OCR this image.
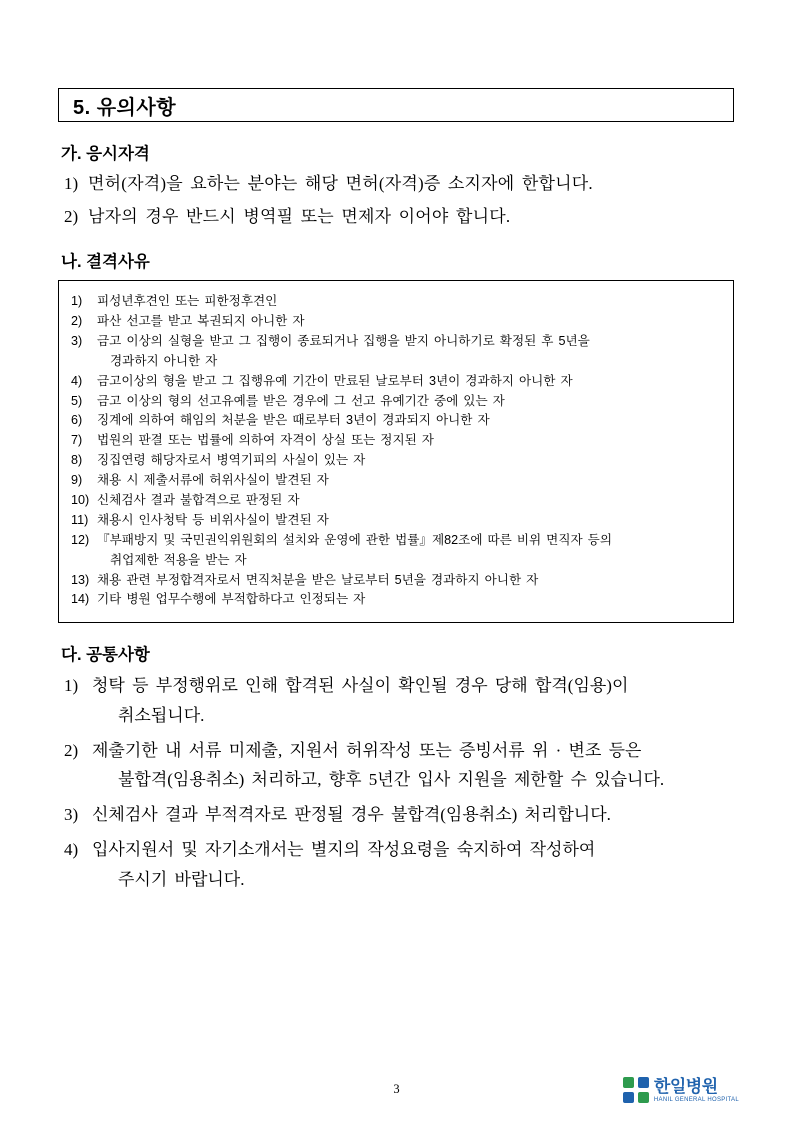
5. 유의사항
가. 응시자격
1) 면허(자격)을 요하는 분야는 해당 면허(자격)증 소지자에 한합니다.
2) 남자의 경우 반드시 병역필 또는 면제자 이어야 합니다.
나. 결격사유
1)	피성년후견인 또는 피한정후견인
2)	파산 선고를 받고 복권되지 아니한 자
3)	금고 이상의 실형을 받고 그 집행이 종료되거나 집행을 받지 아니하기로 확정된 후 5년을
경과하지 아니한 자
4)	금고이상의 형을 받고 그 집행유예 기간이 만료된 날로부터 3년이 경과하지 아니한 자
5)	금고 이상의 형의 선고유예를 받은 경우에 그 선고 유예기간 중에 있는 자
6)	징계에 의하여 해임의 처분을 받은 때로부터 3년이 경과되지 아니한 자
7)	법원의 판결 또는 법률에 의하여 자격이 상실 또는 정지된 자
8)	징집연령 해당자로서 병역기피의 사실이 있는 자
9)	채용 시 제출서류에 허위사실이 발견된 자
10) 신체검사 결과 불합격으로 판정된 자
11) 채용시 인사청탁 등 비위사실이 발견된 자
12) 『부패방지 및 국민권익위원회의 설치와 운영에 관한 법률』제82조에 따른 비위 면직자 등의
취업제한 적용을 받는 자
13) 채용 관련 부정합격자로서 면직처분을 받은 날로부터 5년을 경과하지 아니한 자
14) 기타 병원 업무수행에 부적합하다고 인정되는 자
다. 공통사항
1) 청탁 등 부정행위로 인해 합격된 사실이 확인될 경우 당해 합격(임용)이
취소됩니다.
2) 제출기한 내 서류 미제출, 지원서 허위작성 또는 증빙서류 위 · 변조 등은
불합격(임용취소) 처리하고, 향후 5년간 입사 지원을 제한할 수 있습니다.
3) 신체검사 결과 부적격자로 판정될 경우 불합격(임용취소) 처리합니다.
4) 입사지원서 및 자기소개서는 별지의 작성요령을 숙지하여 작성하여
주시기 바랍니다.
3	한일병원
HANIL GENERAL HOSPITAL
